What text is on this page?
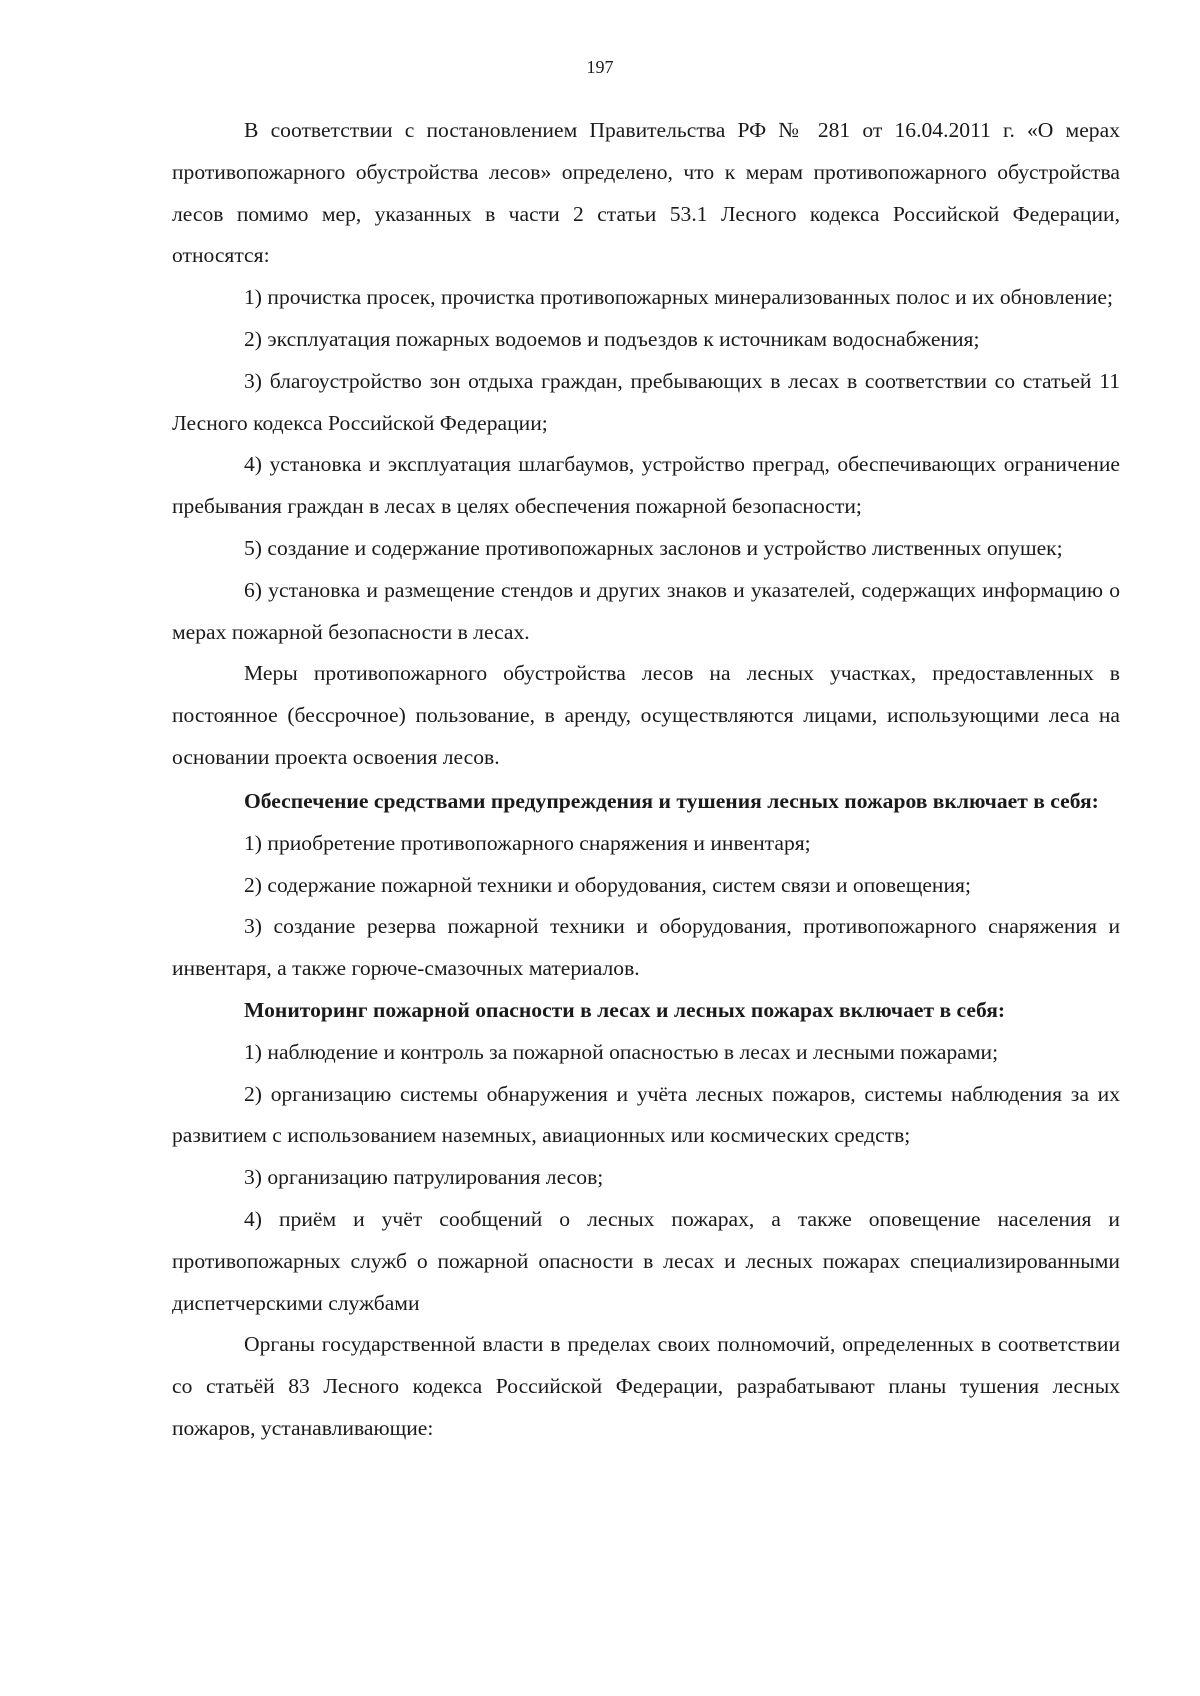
197

В соответствии с постановлением Правительства РФ № 281 от 16.04.2011 г. «О мерах противопожарного обустройства лесов» определено, что к мерам противопожарного обустройства лесов помимо мер, указанных в части 2 статьи 53.1 Лесного кодекса Российской Федерации, относятся:

1) прочистка просек, прочистка противопожарных минерализованных полос и их обновление;

2) эксплуатация пожарных водоемов и подъездов к источникам водоснабжения;

3) благоустройство зон отдыха граждан, пребывающих в лесах в соответствии со статьей 11 Лесного кодекса Российской Федерации;

4) установка и эксплуатация шлагбаумов, устройство преград, обеспечивающих ограничение пребывания граждан в лесах в целях обеспечения пожарной безопасности;

5) создание и содержание противопожарных заслонов и устройство лиственных опушек;

6) установка и размещение стендов и других знаков и указателей, содержащих информацию о мерах пожарной безопасности в лесах.

Меры противопожарного обустройства лесов на лесных участках, предоставленных в постоянное (бессрочное) пользование, в аренду, осуществляются лицами, использующими леса на основании проекта освоения лесов.

Обеспечение средствами предупреждения и тушения лесных пожаров включает в себя:

1) приобретение противопожарного снаряжения и инвентаря;

2) содержание пожарной техники и оборудования, систем связи и оповещения;

3) создание резерва пожарной техники и оборудования, противопожарного снаряжения и инвентаря, а также горюче-смазочных материалов.

Мониторинг пожарной опасности в лесах и лесных пожарах включает в себя:

1) наблюдение и контроль за пожарной опасностью в лесах и лесными пожарами;

2) организацию системы обнаружения и учёта лесных пожаров, системы наблюдения за их развитием с использованием наземных, авиационных или космических средств;

3) организацию патрулирования лесов;

4) приём и учёт сообщений о лесных пожарах, а также оповещение населения и противопожарных служб о пожарной опасности в лесах и лесных пожарах специализированными диспетчерскими службами

Органы государственной власти в пределах своих полномочий, определенных в соответствии со статьёй 83 Лесного кодекса Российской Федерации, разрабатывают планы тушения лесных пожаров, устанавливающие:
